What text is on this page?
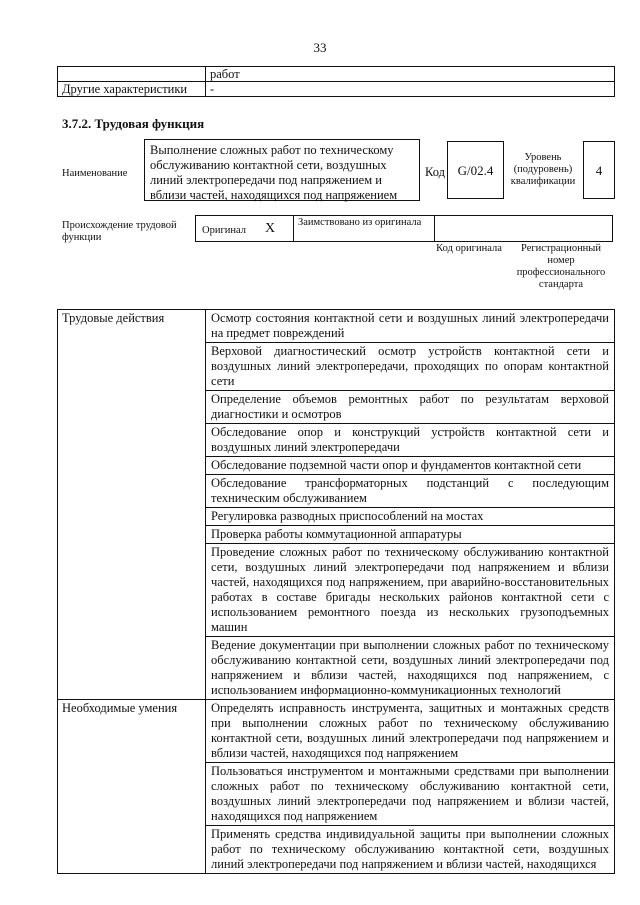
33
	работ
Другие характеристики	-
3.7.2. Трудовая функция
Наименование
Выполнение сложных работ по техническому обслуживанию контактной сети, воздушных линий электропередачи под напряжением и вблизи частей, находящихся под напряжением
Код G/02.4
Уровень (подуровень) квалификации
4
Происхождение трудовой функции
Оригинал X Заимствовано из оригинала
Код оригинала	Регистрационный номер профессионального стандарта
Трудовые действия	Осмотр состояния контактной сети и воздушных линий электропередачи на предмет повреждений
	Верховой диагностический осмотр устройств контактной сети и воздушных линий электропередачи, проходящих по опорам контактной сети
	Определение объемов ремонтных работ по результатам верховой диагностики и осмотров
	Обследование опор и конструкций устройств контактной сети и воздушных линий электропередачи
	Обследование подземной части опор и фундаментов контактной сети
	Обследование трансформаторных подстанций с последующим техническим обслуживанием
	Регулировка разводных приспособлений на мостах
	Проверка работы коммутационной аппаратуры
	Проведение сложных работ по техническому обслуживанию контактной сети, воздушных линий электропередачи под напряжением и вблизи частей, находящихся под напряжением, при аварийно-восстановительных работах в составе бригады нескольких районов контактной сети с использованием ремонтного поезда из нескольких грузоподъемных машин
	Ведение документации при выполнении сложных работ по техническому обслуживанию контактной сети, воздушных линий электропередачи под напряжением и вблизи частей, находящихся под напряжением, с использованием информационно-коммуникационных технологий
Необходимые умения	Определять исправность инструмента, защитных и монтажных средств при выполнении сложных работ по техническому обслуживанию контактной сети, воздушных линий электропередачи под напряжением и вблизи частей, находящихся под напряжением
	Пользоваться инструментом и монтажными средствами при выполнении сложных работ по техническому обслуживанию контактной сети, воздушных линий электропередачи под напряжением и вблизи частей, находящихся под напряжением
	Применять средства индивидуальной защиты при выполнении сложных работ по техническому обслуживанию контактной сети, воздушных линий электропередачи под напряжением и вблизи частей, находящихся
